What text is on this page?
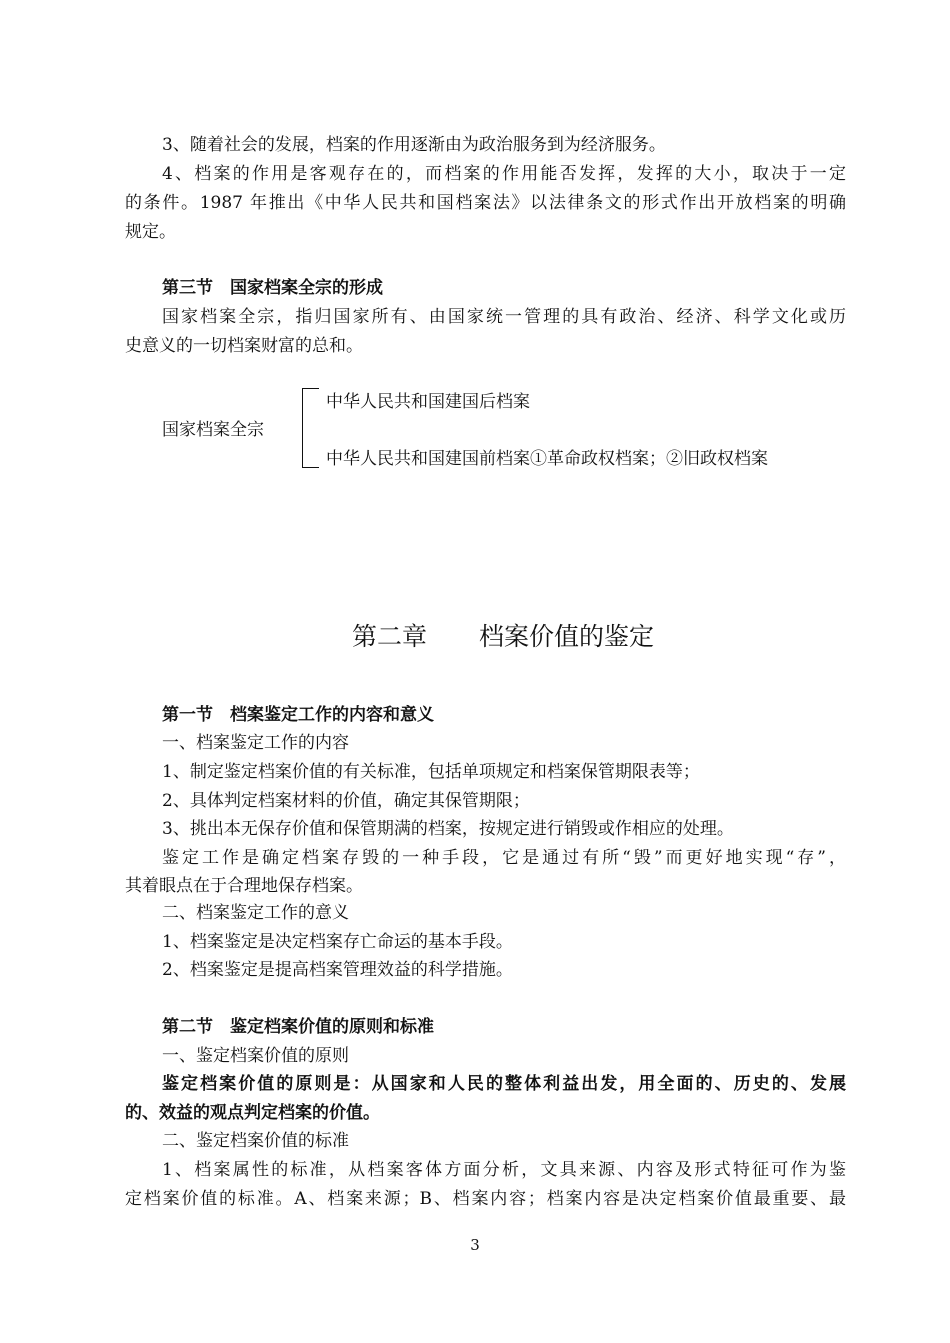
3、随着社会的发展，档案的作用逐渐由为政治服务到为经济服务。
4、档案的作用是客观存在的，而档案的作用能否发挥，发挥的大小，取决于一定
的条件。1987 年推出《中华人民共和国档案法》以法律条文的形式作出开放档案的明确
规定。
第三节　国家档案全宗的形成
国家档案全宗，指归国家所有、由国家统一管理的具有政治、经济、科学文化或历
史意义的一切档案财富的总和。
国家档案全宗
中华人民共和国建国后档案
中华人民共和国建国前档案①革命政权档案；②旧政权档案
第二章 档案价值的鉴定
第一节　档案鉴定工作的内容和意义
一、档案鉴定工作的内容
1、制定鉴定档案价值的有关标准，包括单项规定和档案保管期限表等；
2、具体判定档案材料的价值，确定其保管期限；
3、挑出本无保存价值和保管期满的档案，按规定进行销毁或作相应的处理。
鉴定工作是确定档案存毁的一种手段，它是通过有所“毁”而更好地实现“存”，
其着眼点在于合理地保存档案。
二、档案鉴定工作的意义
1、档案鉴定是决定档案存亡命运的基本手段。
2、档案鉴定是提高档案管理效益的科学措施。
第二节　鉴定档案价值的原则和标准
一、鉴定档案价值的原则
鉴定档案价值的原则是：从国家和人民的整体利益出发，用全面的、历史的、发展
的、效益的观点判定档案的价值。
二、鉴定档案价值的标准
1、档案属性的标准，从档案客体方面分析，文具来源、内容及形式特征可作为鉴
定档案价值的标准。A、档案来源；B、档案内容；档案内容是决定档案价值最重要、最
3
